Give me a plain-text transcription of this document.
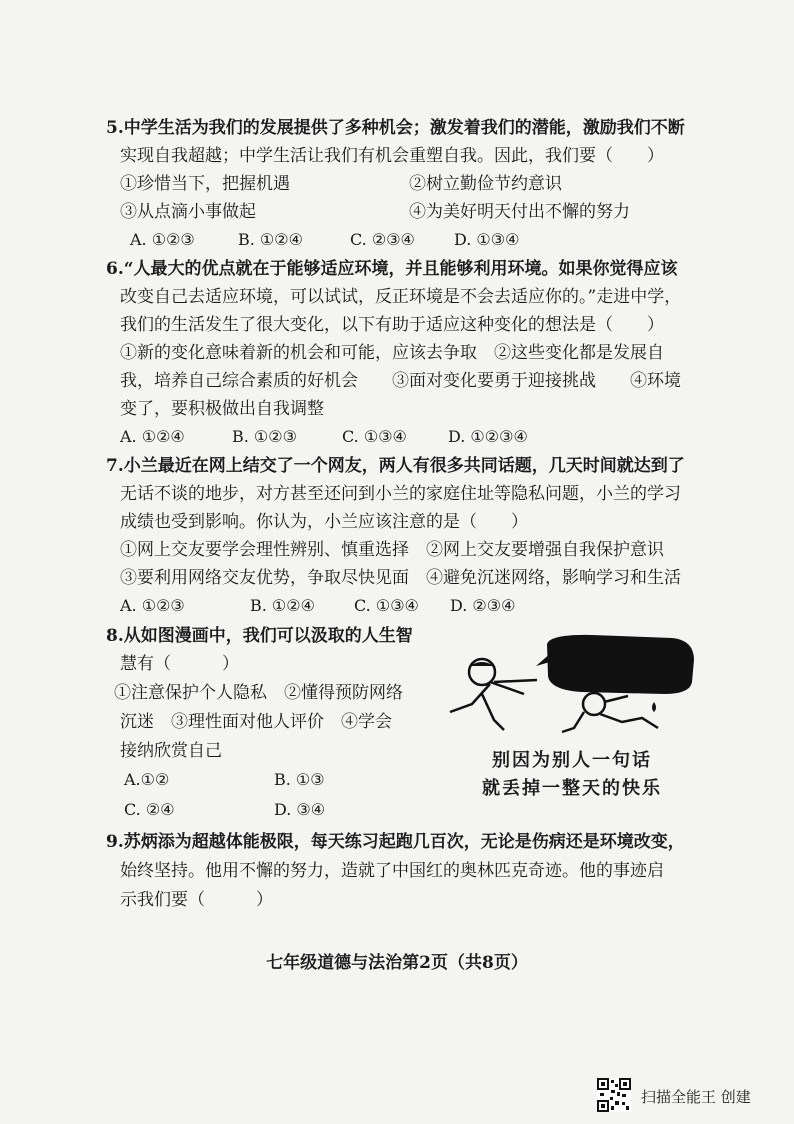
5.中学生活为我们的发展提供了多种机会；激发着我们的潜能，激励我们不断
实现自我超越；中学生活让我们有机会重塑自我。因此，我们要（　　）
①珍惜当下，把握机遇　　　　　　　②树立勤俭节约意识
③从点滴小事做起　　　　　　　　　④为美好明天付出不懈的努力
A. ①②③	B. ①②④	C. ②③④ D. ①③④
6.“人最大的优点就在于能够适应环境，并且能够利用环境。如果你觉得应该
改变自己去适应环境，可以试试，反正环境是不会去适应你的。”走进中学，
我们的生活发生了很大变化，以下有助于适应这种变化的想法是（　　）
①新的变化意味着新的机会和可能，应该去争取　②这些变化都是发展自
我，培养自己综合素质的好机会　　③面对变化要勇于迎接挑战　　④环境
变了，要积极做出自我调整
A. ①②④	B. ①②③	C. ①③④	D. ①②③④
7.小兰最近在网上结交了一个网友，两人有很多共同话题，几天时间就达到了
无话不谈的地步，对方甚至还问到小兰的家庭住址等隐私问题，小兰的学习
成绩也受到影响。你认为，小兰应该注意的是（　　）
①网上交友要学会理性辨别、慎重选择　②网上交友要增强自我保护意识
③要利用网络交友优势，争取尽快见面　④避免沉迷网络，影响学习和生活
A. ①②③	B. ①②④ C. ①③④ D. ②③④
8.从如图漫画中，我们可以汲取的人生智
慧有（　　　）
①注意保护个人隐私　②懂得预防网络
沉迷　③理性面对他人评价　④学会
接纳欣赏自己
A.①②	B. ①③
C. ②④	D. ③④
别因为别人一句话
就丢掉一整天的快乐
9.苏炳添为超越体能极限，每天练习起跑几百次，无论是伤病还是环境改变，
始终坚持。他用不懈的努力，造就了中国红的奥林匹克奇迹。他的事迹启
示我们要（　　　）
七年级道德与法治第2页（共8页）
扫描全能王 创建
